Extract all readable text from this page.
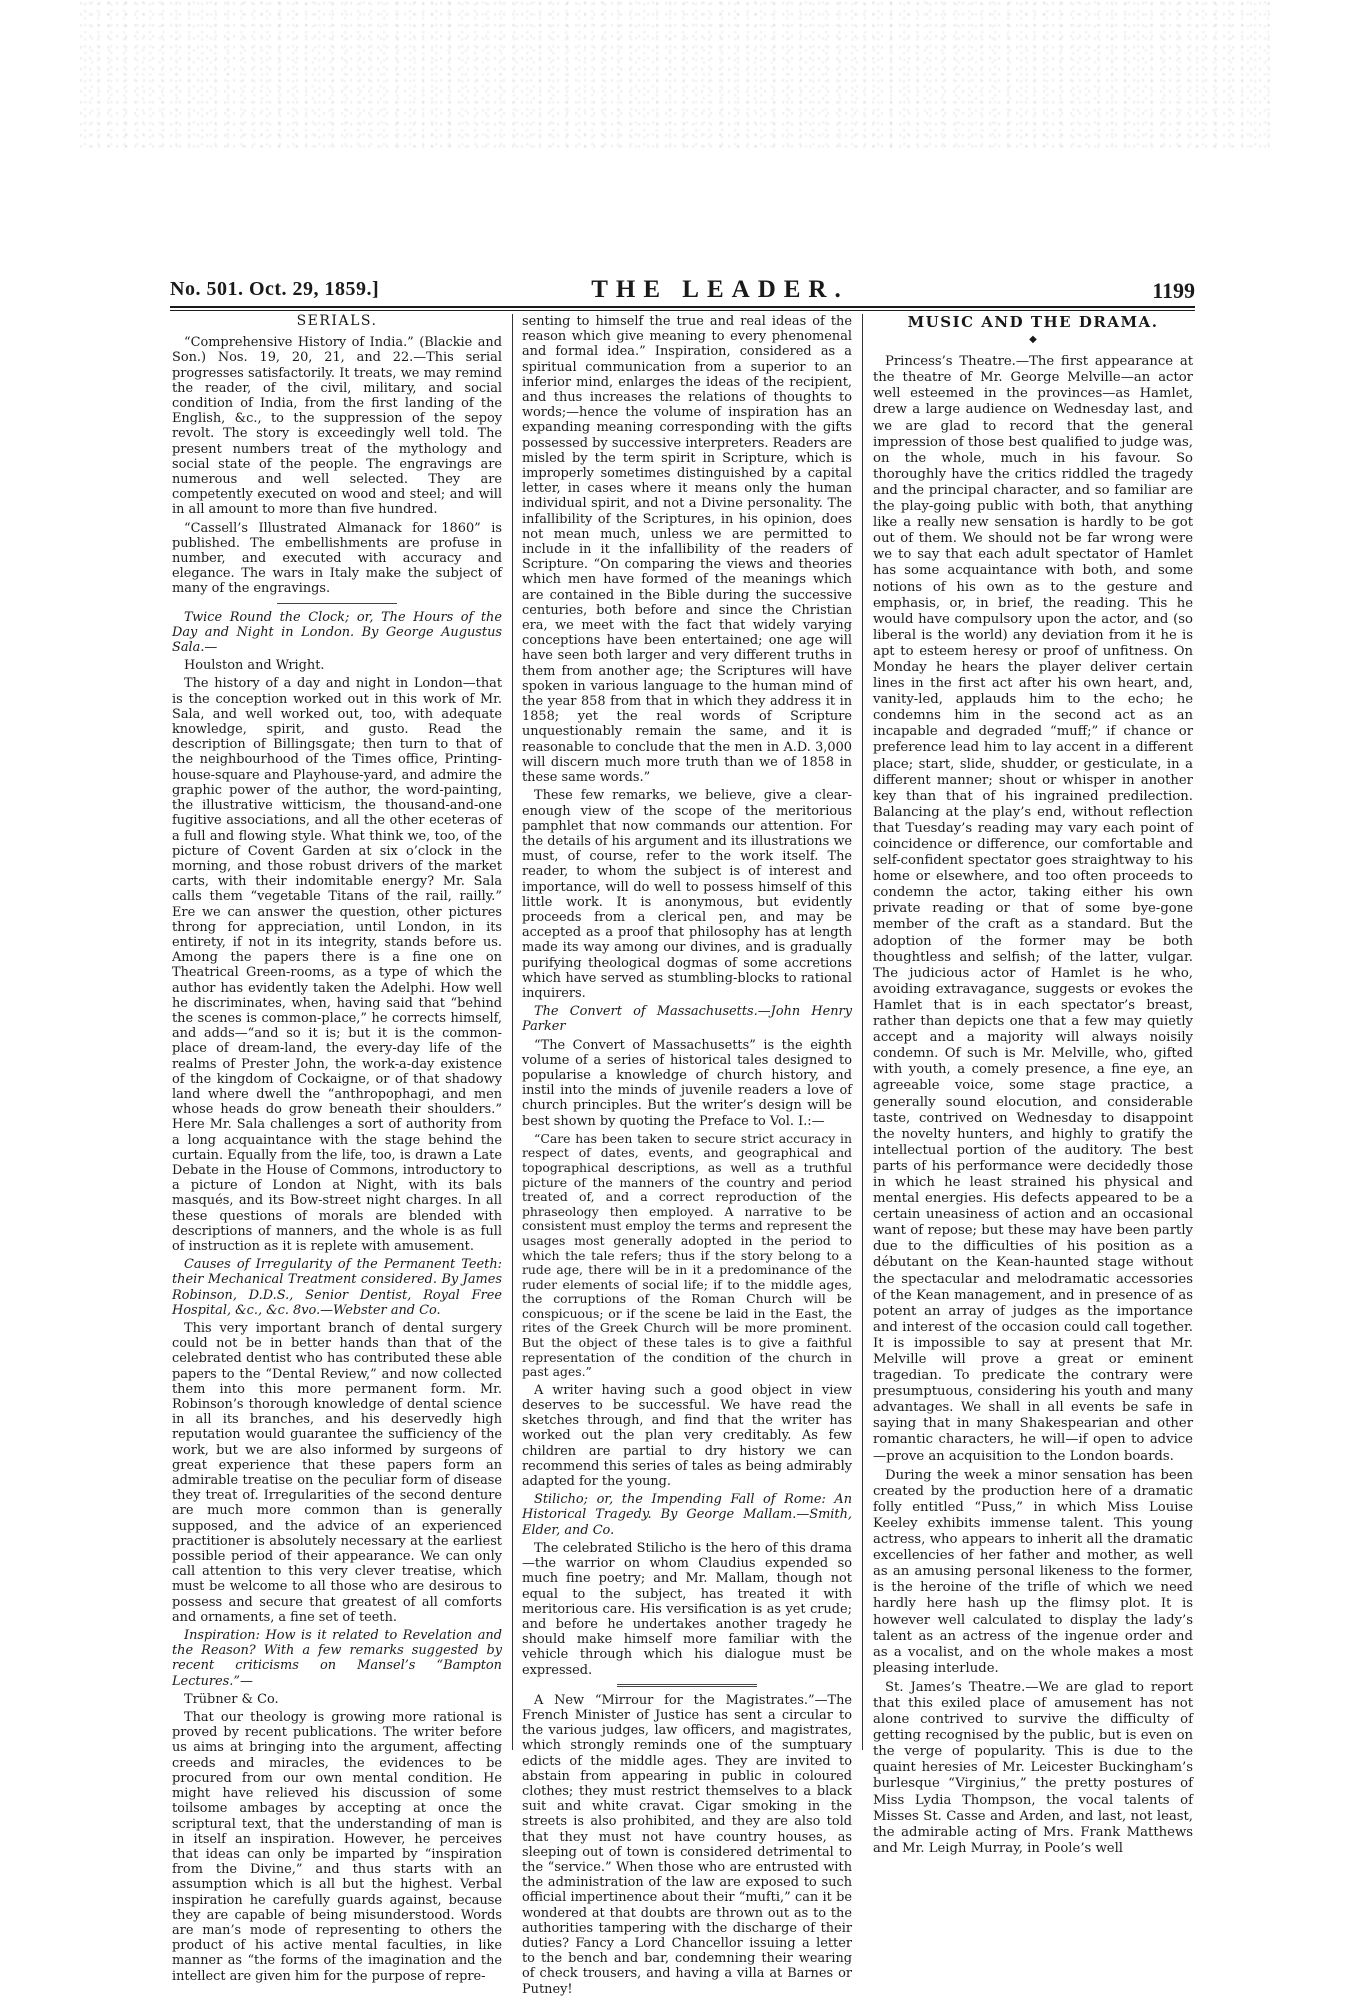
No. 501. Oct. 29, 1859.]	THE LEADER.	1199
SERIALS.

“Comprehensive History of India.” (Blackie and Son.) Nos. 19, 20, 21, and 22.—This serial progresses satisfactorily. It treats, we may remind the reader, of the civil, military, and social condition of India, from the first landing of the English, &c., to the suppression of the sepoy revolt. The story is exceedingly well told. The present numbers treat of the mythology and social state of the people. The engravings are numerous and well selected. They are competently executed on wood and steel; and will in all amount to more than five hundred.

“Cassell’s Illustrated Almanack for 1860” is published. The embellishments are profuse in number, and executed with accuracy and elegance. The wars in Italy make the subject of many of the engravings.

Twice Round the Clock; or, The Hours of the Day and Night in London. By George Augustus Sala.—

Houlston and Wright.

The history of a day and night in London—that is the conception worked out in this work of Mr. Sala, and well worked out, too, with adequate knowledge, spirit, and gusto. Read the description of Billingsgate; then turn to that of the neighbourhood of the Times office, Printing-house-square and Playhouse-yard, and admire the graphic power of the author, the word-painting, the illustrative witticism, the thousand-and-one fugitive associations, and all the other eceteras of a full and flowing style. What think we, too, of the picture of Covent Garden at six o’clock in the morning, and those robust drivers of the market carts, with their indomitable energy? Mr. Sala calls them “vegetable Titans of the rail, railly.” Ere we can answer the question, other pictures throng for appreciation, until London, in its entirety, if not in its integrity, stands before us. Among the papers there is a fine one on Theatrical Green-rooms, as a type of which the author has evidently taken the Adelphi. How well he discriminates, when, having said that “behind the scenes is common-place,” he corrects himself, and adds—“and so it is; but it is the common-place of dream-land, the every-day life of the realms of Prester John, the work-a-day existence of the kingdom of Cockaigne, or of that shadowy land where dwell the “anthropophagi, and men whose heads do grow beneath their shoulders.” Here Mr. Sala challenges a sort of authority from a long acquaintance with the stage behind the curtain. Equally from the life, too, is drawn a Late Debate in the House of Commons, introductory to a picture of London at Night, with its bals masqués, and its Bow-street night charges. In all these questions of morals are blended with descriptions of manners, and the whole is as full of instruction as it is replete with amusement.

Causes of Irregularity of the Permanent Teeth: their Mechanical Treatment considered. By James Robinson, D.D.S., Senior Dentist, Royal Free Hospital, &c., &c. 8vo.—Webster and Co.

This very important branch of dental surgery could not be in better hands than that of the celebrated dentist who has contributed these able papers to the “Dental Review,” and now collected them into this more permanent form. Mr. Robinson’s thorough knowledge of dental science in all its branches, and his deservedly high reputation would guarantee the sufficiency of the work, but we are also informed by surgeons of great experience that these papers form an admirable treatise on the peculiar form of disease they treat of. Irregularities of the second denture are much more common than is generally supposed, and the advice of an experienced practitioner is absolutely necessary at the earliest possible period of their appearance. We can only call attention to this very clever treatise, which must be welcome to all those who are desirous to possess and secure that greatest of all comforts and ornaments, a fine set of teeth.

Inspiration: How is it related to Revelation and the Reason? With a few remarks suggested by recent criticisms on Mansel’s “Bampton Lectures.”—

Trübner & Co.

That our theology is growing more rational is proved by recent publications. The writer before us aims at bringing into the argument, affecting creeds and miracles, the evidences to be procured from our own mental condition. He might have relieved his discussion of some toilsome ambages by accepting at once the scriptural text, that the understanding of man is in itself an inspiration. However, he perceives that ideas can only be imparted by “inspiration from the Divine,” and thus starts with an assumption which is all but the highest. Verbal inspiration he carefully guards against, because they are capable of being misunderstood. Words are man’s mode of representing to others the product of his active mental faculties, in like manner as “the forms of the imagination and the intellect are given him for the purpose of repre-

senting to himself the true and real ideas of the reason which give meaning to every phenomenal and formal idea.” Inspiration, considered as a spiritual communication from a superior to an inferior mind, enlarges the ideas of the recipient, and thus increases the relations of thoughts to words;—hence the volume of inspiration has an expanding meaning corresponding with the gifts possessed by successive interpreters. Readers are misled by the term spirit in Scripture, which is improperly sometimes distinguished by a capital letter, in cases where it means only the human individual spirit, and not a Divine personality. The infallibility of the Scriptures, in his opinion, does not mean much, unless we are permitted to include in it the infallibility of the readers of Scripture. “On comparing the views and theories which men have formed of the meanings which are contained in the Bible during the successive centuries, both before and since the Christian era, we meet with the fact that widely varying conceptions have been entertained; one age will have seen both larger and very different truths in them from another age; the Scriptures will have spoken in various language to the human mind of the year 858 from that in which they address it in 1858; yet the real words of Scripture unquestionably remain the same, and it is reasonable to conclude that the men in A.D. 3,000 will discern much more truth than we of 1858 in these same words.”

These few remarks, we believe, give a clear-enough view of the scope of the meritorious pamphlet that now commands our attention. For the details of his argument and its illustrations we must, of course, refer to the work itself. The reader, to whom the subject is of interest and importance, will do well to possess himself of this little work. It is anonymous, but evidently proceeds from a clerical pen, and may be accepted as a proof that philosophy has at length made its way among our divines, and is gradually purifying theological dogmas of some accretions which have served as stumbling-blocks to rational inquirers.

The Convert of Massachusetts.—John Henry Parker

“The Convert of Massachusetts” is the eighth volume of a series of historical tales designed to popularise a knowledge of church history, and instil into the minds of juvenile readers a love of church principles. But the writer’s design will be best shown by quoting the Preface to Vol. I.:—

“Care has been taken to secure strict accuracy in respect of dates, events, and geographical and topographical descriptions, as well as a truthful picture of the manners of the country and period treated of, and a correct reproduction of the phraseology then employed. A narrative to be consistent must employ the terms and represent the usages most generally adopted in the period to which the tale refers; thus if the story belong to a rude age, there will be in it a predominance of the ruder elements of social life; if to the middle ages, the corruptions of the Roman Church will be conspicuous; or if the scene be laid in the East, the rites of the Greek Church will be more prominent. But the object of these tales is to give a faithful representation of the condition of the church in past ages.”

A writer having such a good object in view deserves to be successful. We have read the sketches through, and find that the writer has worked out the plan very creditably. As few children are partial to dry history we can recommend this series of tales as being admirably adapted for the young.

Stilicho; or, the Impending Fall of Rome: An Historical Tragedy. By George Mallam.—Smith, Elder, and Co.

The celebrated Stilicho is the hero of this drama—the warrior on whom Claudius expended so much fine poetry; and Mr. Mallam, though not equal to the subject, has treated it with meritorious care. His versification is as yet crude; and before he undertakes another tragedy he should make himself more familiar with the vehicle through which his dialogue must be expressed.

A New “Mirrour for the Magistrates.”—The French Minister of Justice has sent a circular to the various judges, law officers, and magistrates, which strongly reminds one of the sumptuary edicts of the middle ages. They are invited to abstain from appearing in public in coloured clothes; they must restrict themselves to a black suit and white cravat. Cigar smoking in the streets is also prohibited, and they are also told that they must not have country houses, as sleeping out of town is considered detrimental to the “service.” When those who are entrusted with the administration of the law are exposed to such official impertinence about their “mufti,” can it be wondered at that doubts are thrown out as to the authorities tampering with the discharge of their duties? Fancy a Lord Chancellor issuing a letter to the bench and bar, condemning their wearing of check trousers, and having a villa at Barnes or Putney!

MUSIC AND THE DRAMA.
◆

Princess’s Theatre.—The first appearance at the theatre of Mr. George Melville—an actor well esteemed in the provinces—as Hamlet, drew a large audience on Wednesday last, and we are glad to record that the general impression of those best qualified to judge was, on the whole, much in his favour. So thoroughly have the critics riddled the tragedy and the principal character, and so familiar are the play-going public with both, that anything like a really new sensation is hardly to be got out of them. We should not be far wrong were we to say that each adult spectator of Hamlet has some acquaintance with both, and some notions of his own as to the gesture and emphasis, or, in brief, the reading. This he would have compulsory upon the actor, and (so liberal is the world) any deviation from it he is apt to esteem heresy or proof of unfitness. On Monday he hears the player deliver certain lines in the first act after his own heart, and, vanity-led, applauds him to the echo; he condemns him in the second act as an incapable and degraded “muff;” if chance or preference lead him to lay accent in a different place; start, slide, shudder, or gesticulate, in a different manner; shout or whisper in another key than that of his ingrained predilection. Balancing at the play’s end, without reflection that Tuesday’s reading may vary each point of coincidence or difference, our comfortable and self-confident spectator goes straightway to his home or elsewhere, and too often proceeds to condemn the actor, taking either his own private reading or that of some bye-gone member of the craft as a standard. But the adoption of the former may be both thoughtless and selfish; of the latter, vulgar. The judicious actor of Hamlet is he who, avoiding extravagance, suggests or evokes the Hamlet that is in each spectator’s breast, rather than depicts one that a few may quietly accept and a majority will always noisily condemn. Of such is Mr. Melville, who, gifted with youth, a comely presence, a fine eye, an agreeable voice, some stage practice, a generally sound elocution, and considerable taste, contrived on Wednesday to disappoint the novelty hunters, and highly to gratify the intellectual portion of the auditory. The best parts of his performance were decidedly those in which he least strained his physical and mental energies. His defects appeared to be a certain uneasiness of action and an occasional want of repose; but these may have been partly due to the difficulties of his position as a débutant on the Kean-haunted stage without the spectacular and melodramatic accessories of the Kean management, and in presence of as potent an array of judges as the importance and interest of the occasion could call together. It is impossible to say at present that Mr. Melville will prove a great or eminent tragedian. To predicate the contrary were presumptuous, considering his youth and many advantages. We shall in all events be safe in saying that in many Shakespearian and other romantic characters, he will—if open to advice—prove an acquisition to the London boards.

During the week a minor sensation has been created by the production here of a dramatic folly entitled “Puss,” in which Miss Louise Keeley exhibits immense talent. This young actress, who appears to inherit all the dramatic excellencies of her father and mother, as well as an amusing personal likeness to the former, is the heroine of the trifle of which we need hardly here hash up the flimsy plot. It is however well calculated to display the lady’s talent as an actress of the ingenue order and as a vocalist, and on the whole makes a most pleasing interlude.

St. James’s Theatre.—We are glad to report that this exiled place of amusement has not alone contrived to survive the difficulty of getting recognised by the public, but is even on the verge of popularity. This is due to the quaint heresies of Mr. Leicester Buckingham’s burlesque “Virginius,” the pretty postures of Miss Lydia Thompson, the vocal talents of Misses St. Casse and Arden, and last, not least, the admirable acting of Mrs. Frank Matthews and Mr. Leigh Murray, in Poole’s well
